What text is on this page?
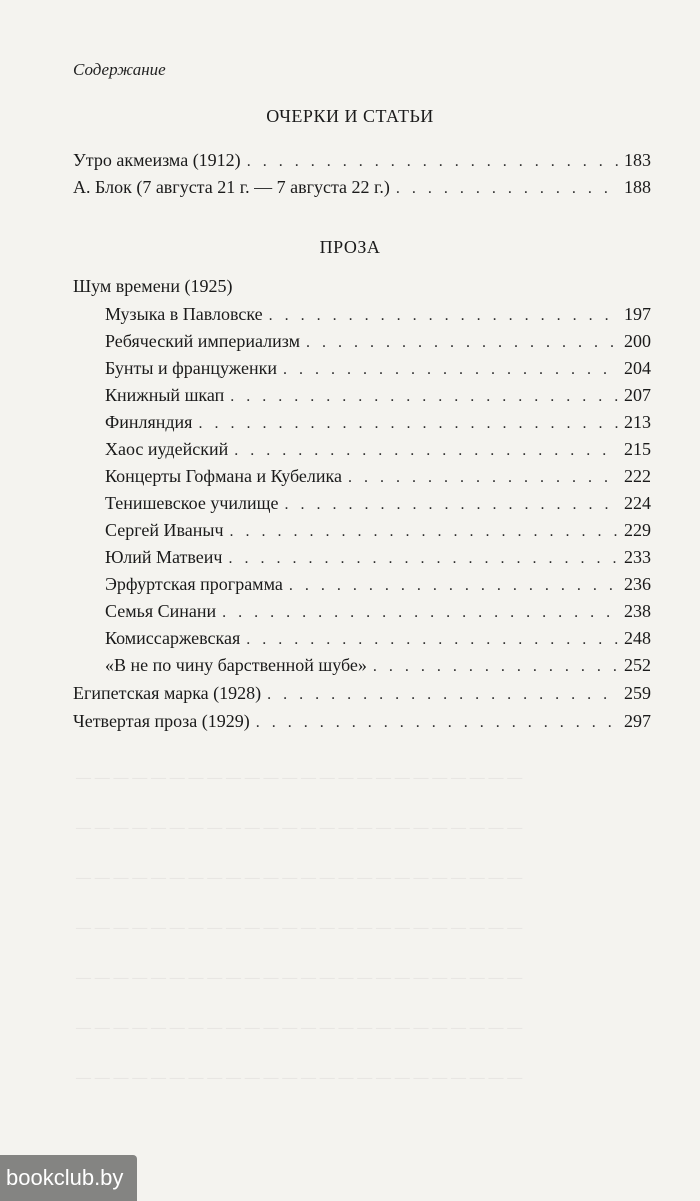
— — — — — — — — — — — — — — — — — — — — — — — —
— — — — — — — — — — — — — — — — — — — — — — — —
— — — — — — — — — — — — — — — — — — — — — — — —
— — — — — — — — — — — — — — — — — — — — — — — —
— — — — — — — — — — — — — — — — — — — — — — — —
— — — — — — — — — — — — — — — — — — — — — — — —
— — — — — — — — — — — — — — — — — — — — — — — —
Содержание
ОЧЕРКИ И СТАТЬИ
Утро акмеизма (1912) . . .	183
А. Блок (7 августа 21 г. — 7 августа 22 г.) . . .	188
ПРОЗА
Шум времени (1925)
Музыка в Павловске . . .	197
Ребяческий империализм . . .	200
Бунты и француженки . . .	204
Книжный шкап . . .	207
Финляндия . . .	213
Хаос иудейский . . .	215
Концерты Гофмана и Кубелика . . .	222
Тенишевское училище . . .	224
Сергей Иваныч . . .	229
Юлий Матвеич . . .	233
Эрфуртская программа . . .	236
Семья Синани . . .	238
Комиссаржевская . . .	248
«В не по чину барственной шубе» . . .	252
Египетская марка (1928) . . .	259
Четвертая проза (1929) . . .	297
bookclub.by
